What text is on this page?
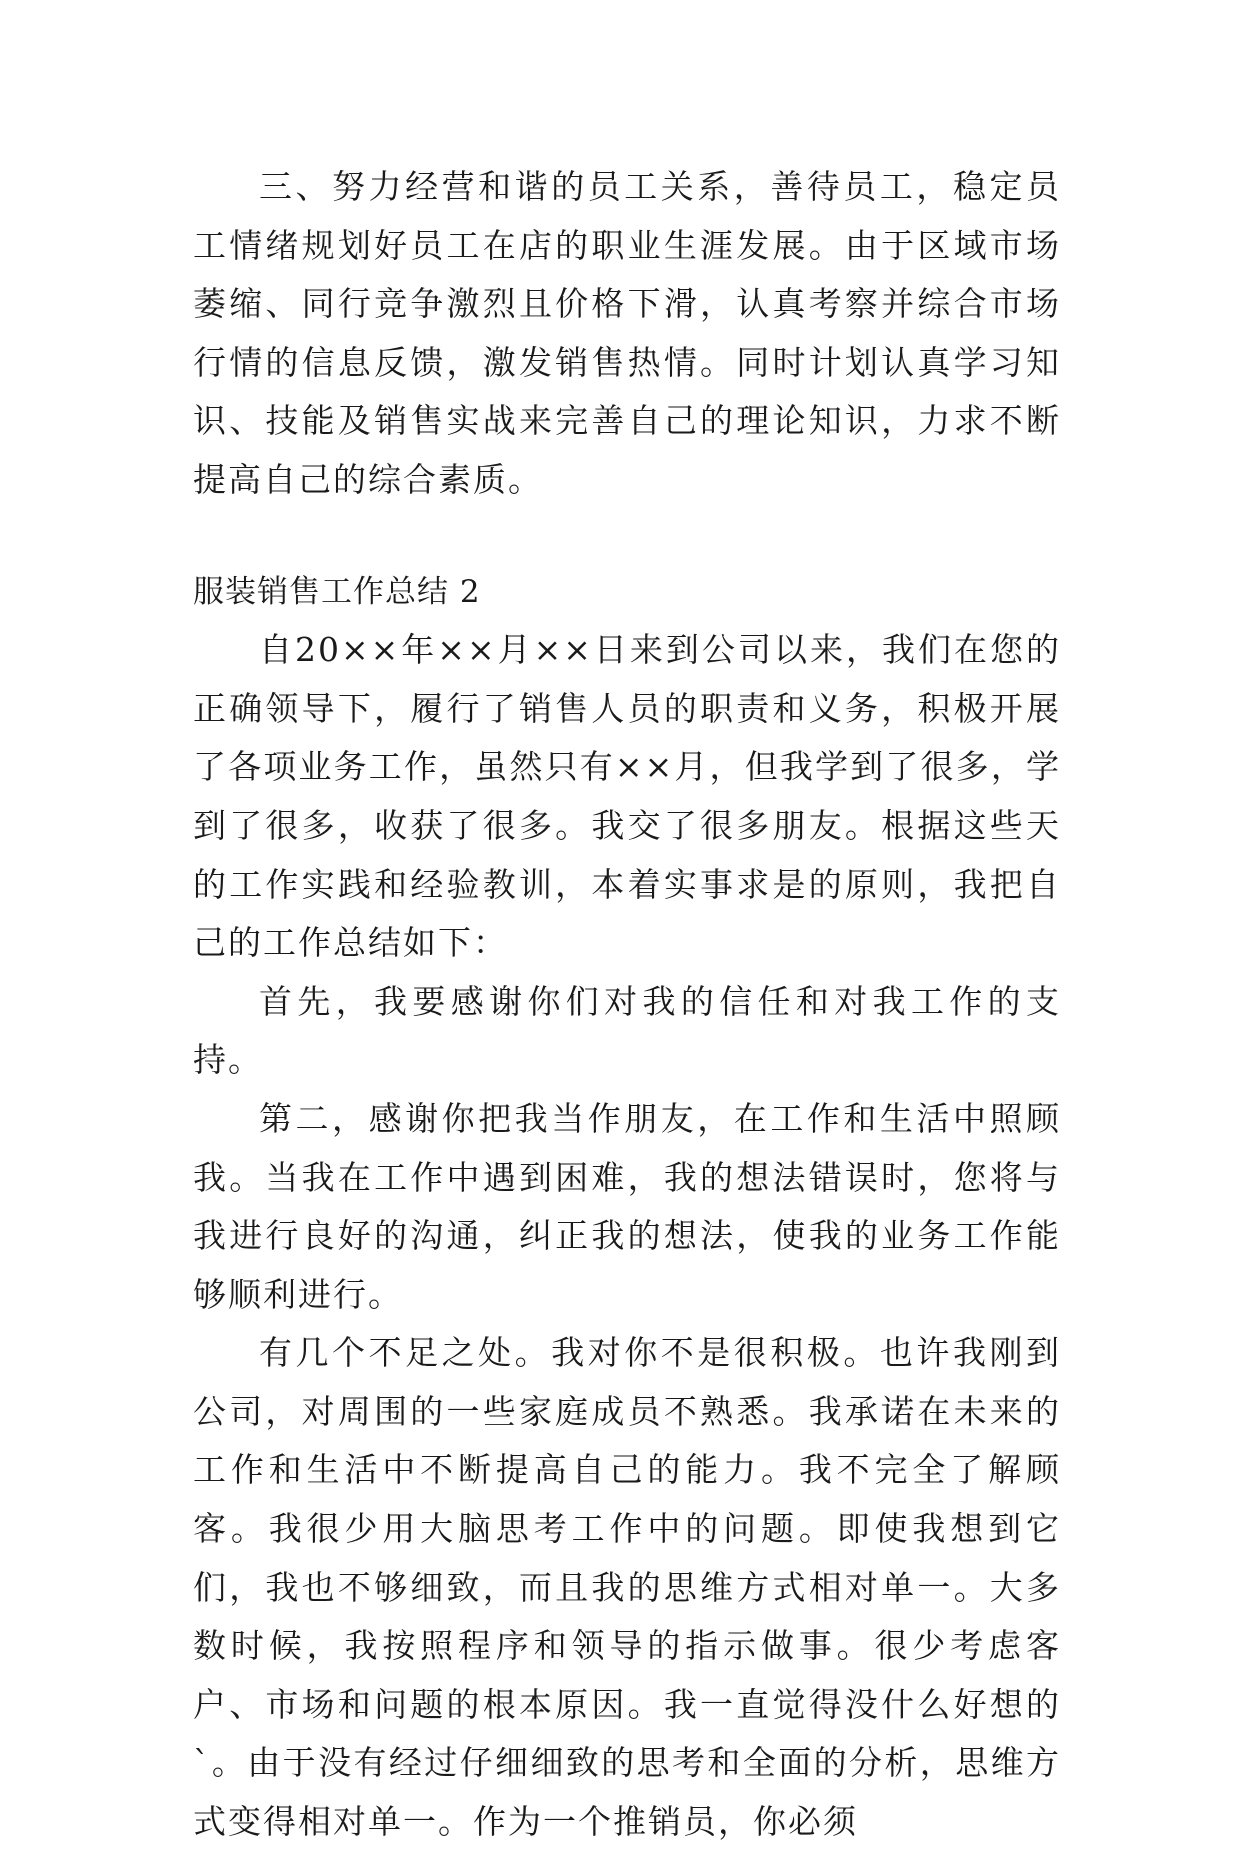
三、努力经营和谐的员工关系，善待员工，稳定员工情绪规划好员工在店的职业生涯发展。由于区域市场萎缩、同行竞争激烈且价格下滑，认真考察并综合市场行情的信息反馈，激发销售热情。同时计划认真学习知识、技能及销售实战来完善自己的理论知识，力求不断提高自己的综合素质。

服装销售工作总结 2

自20××年××月××日来到公司以来，我们在您的正确领导下，履行了销售人员的职责和义务，积极开展了各项业务工作，虽然只有××月，但我学到了很多，学到了很多，收获了很多。我交了很多朋友。根据这些天的工作实践和经验教训，本着实事求是的原则，我把自己的工作总结如下：

首先，我要感谢你们对我的信任和对我工作的支持。

第二，感谢你把我当作朋友，在工作和生活中照顾我。当我在工作中遇到困难，我的想法错误时，您将与我进行良好的沟通，纠正我的想法，使我的业务工作能够顺利进行。

有几个不足之处。我对你不是很积极。也许我刚到公司，对周围的一些家庭成员不熟悉。我承诺在未来的工作和生活中不断提高自己的能力。我不完全了解顾客。我很少用大脑思考工作中的问题。即使我想到它们，我也不够细致，而且我的思维方式相对单一。大多数时候，我按照程序和领导的指示做事。很少考虑客户、市场和问题的根本原因。我一直觉得没什么好想的`。由于没有经过仔细细致的思考和全面的分析，思维方式变得相对单一。作为一个推销员，你必须
